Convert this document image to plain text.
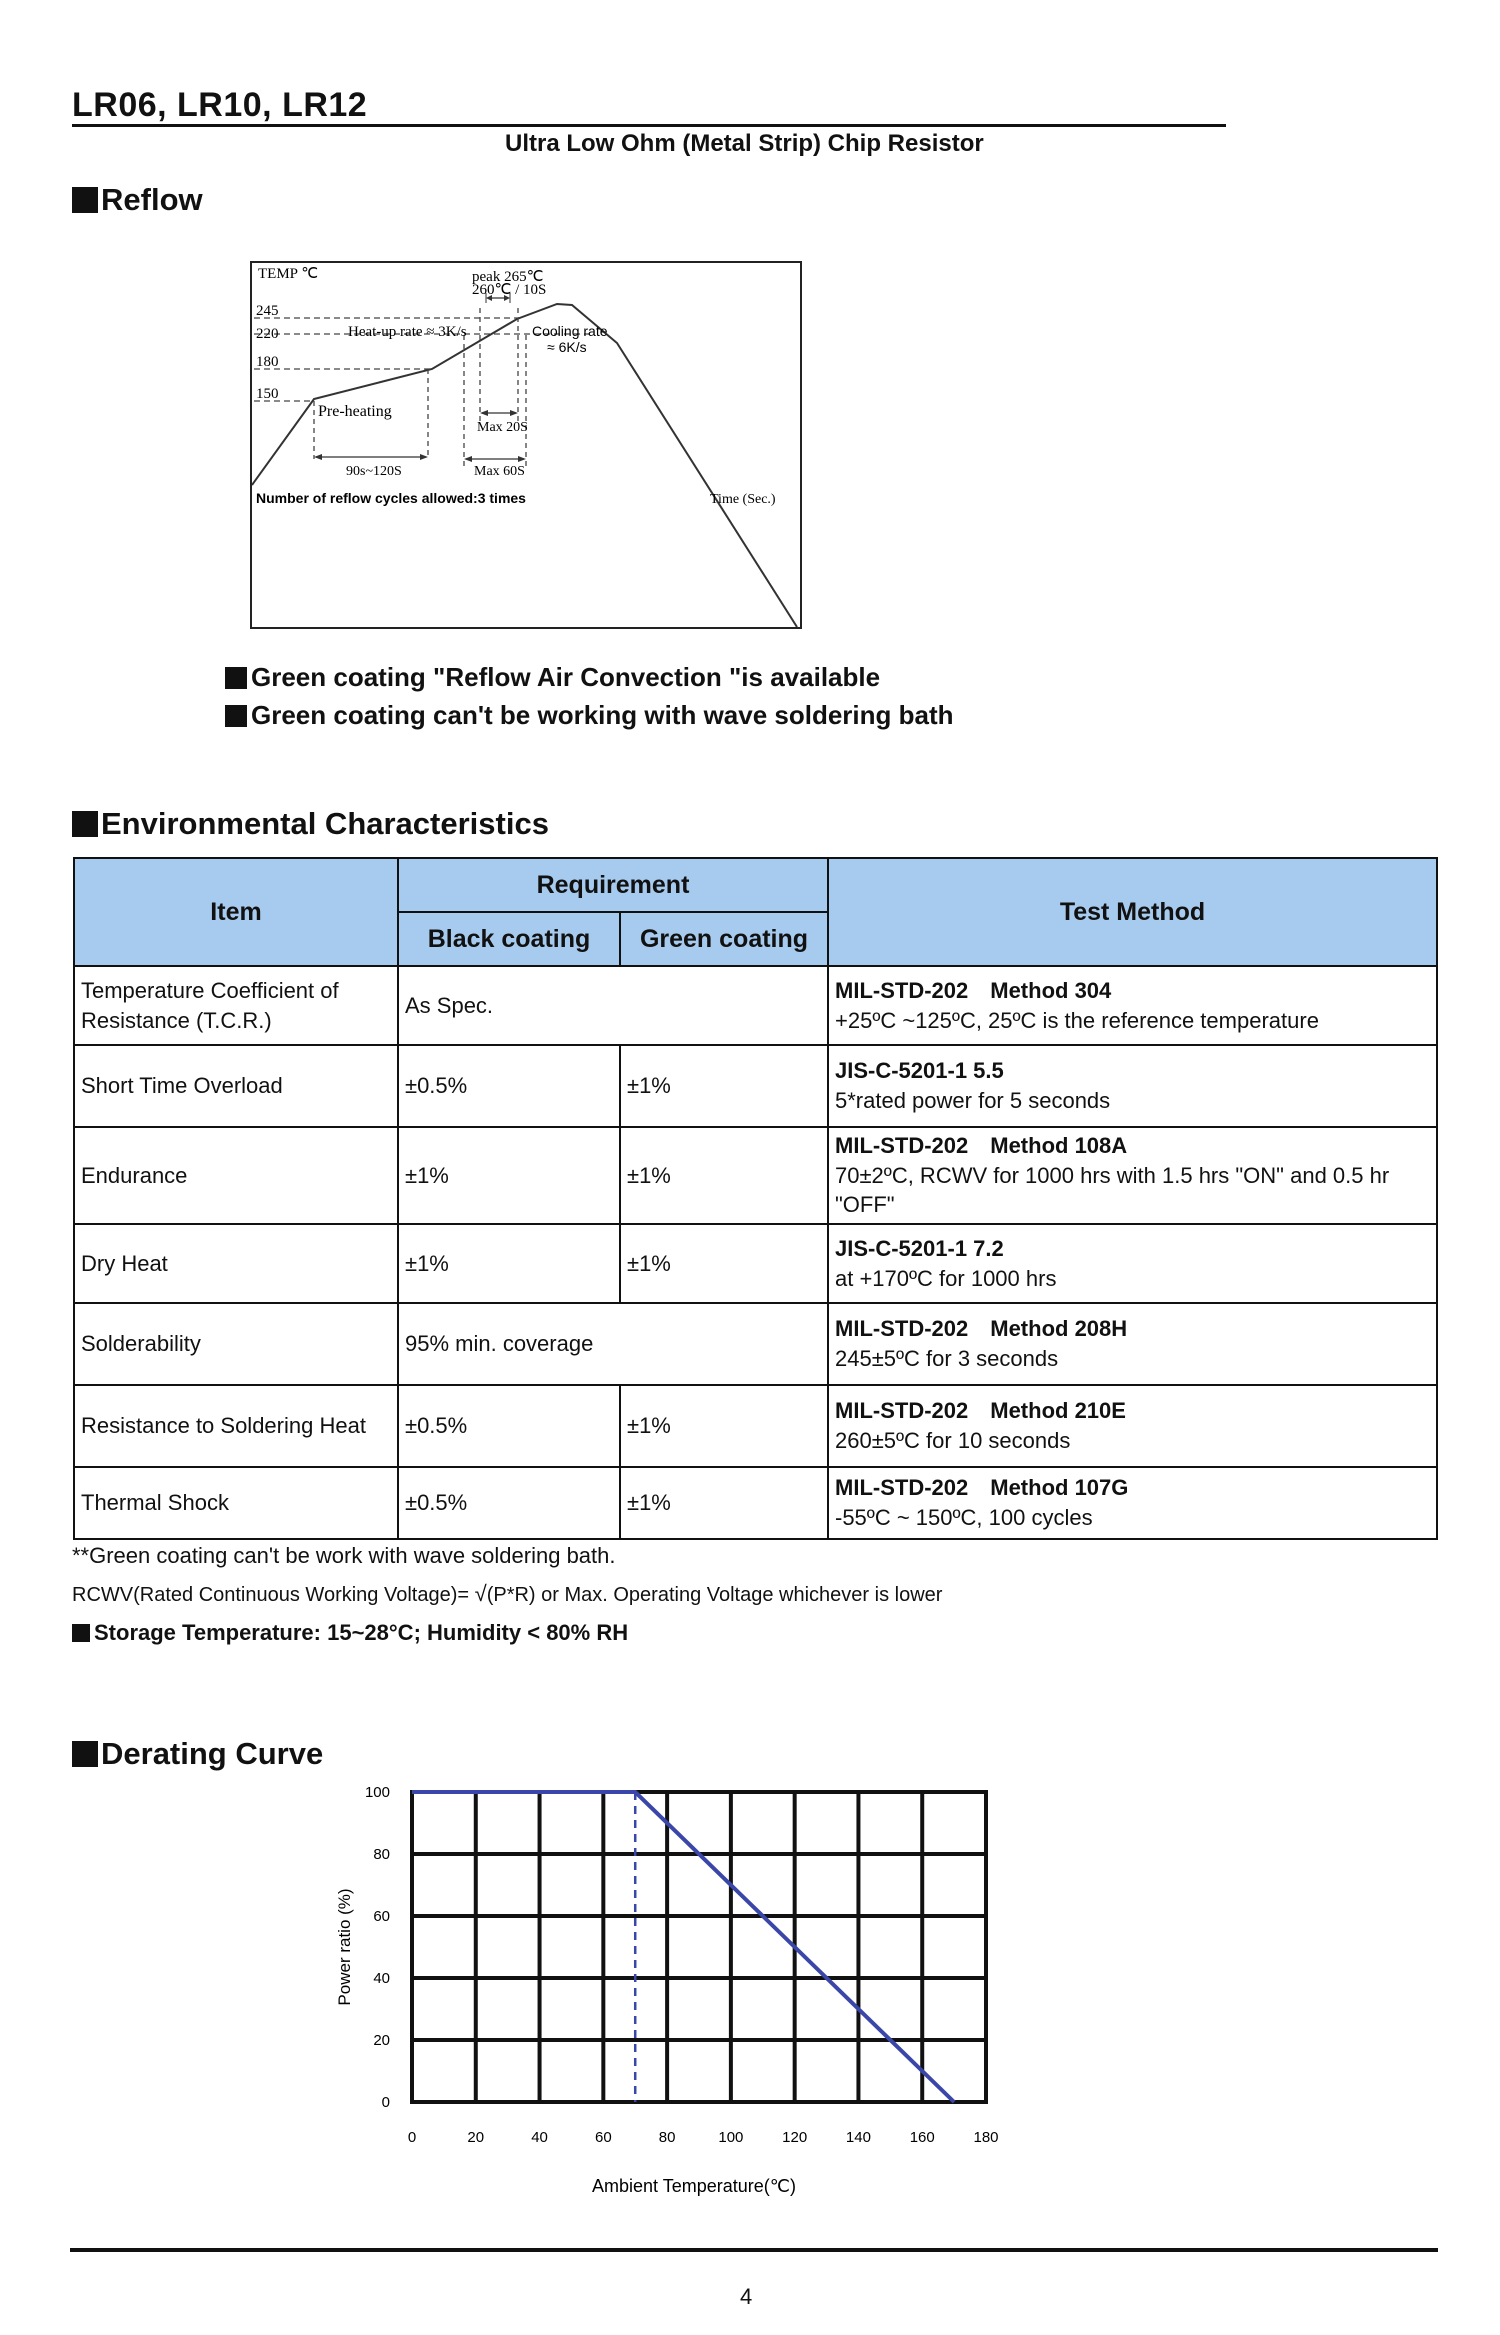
LR06, LR10, LR12
Ultra Low Ohm (Metal Strip) Chip Resistor
Reflow
TEMP ℃
245
220
180
150
peak 265℃
260℃ / 10S
Heat-up rate ≈ 3K/s	Cooling rate
≈ 6K/s
Pre-heating
90s~120S
Max 20S
Max 60S
Number of reflow cycles allowed:3 times	Time (Sec.)
Green coating "Reflow Air Convection "is available
Green coating can't be working with wave soldering bath
Environmental Characteristics
Item	Requirement		Test Method
	Black coating	Green coating	
Temperature Coefficient of Resistance (T.C.R.)	As Spec.		MIL-STD-202 Method 304
+25ºC ~125ºC, 25ºC is the reference temperature

Short Time Overload	±0.5%	±1%	JIS-C-5201-1 5.5
5*rated power for 5 seconds

Endurance	±1%	±1%	MIL-STD-202 Method 108A
70±2ºC, RCWV for 1000 hrs with 1.5 hrs "ON" and 0.5 hr "OFF"

Dry Heat	±1%	±1%	JIS-C-5201-1 7.2
at +170ºC for 1000 hrs

Solderability	95% min. coverage		MIL-STD-202 Method 208H
245±5ºC for 3 seconds

Resistance to Soldering Heat	±0.5%	±1%	MIL-STD-202 Method 210E
260±5ºC for 10 seconds

Thermal Shock	±0.5%	±1%	MIL-STD-202 Method 107G
-55ºC ~ 150ºC, 100 cycles
**Green coating can't be work with wave soldering bath.
RCWV(Rated Continuous Working Voltage)= √(P*R) or Max. Operating Voltage whichever is lower
Storage Temperature: 15~28°C; Humidity < 80% RH
Derating Curve
0	20	40	60	80	100	120	140	160	180
0
20
40
60
80
100
Ambient Temperature(℃)
Power ratio (%)
4
